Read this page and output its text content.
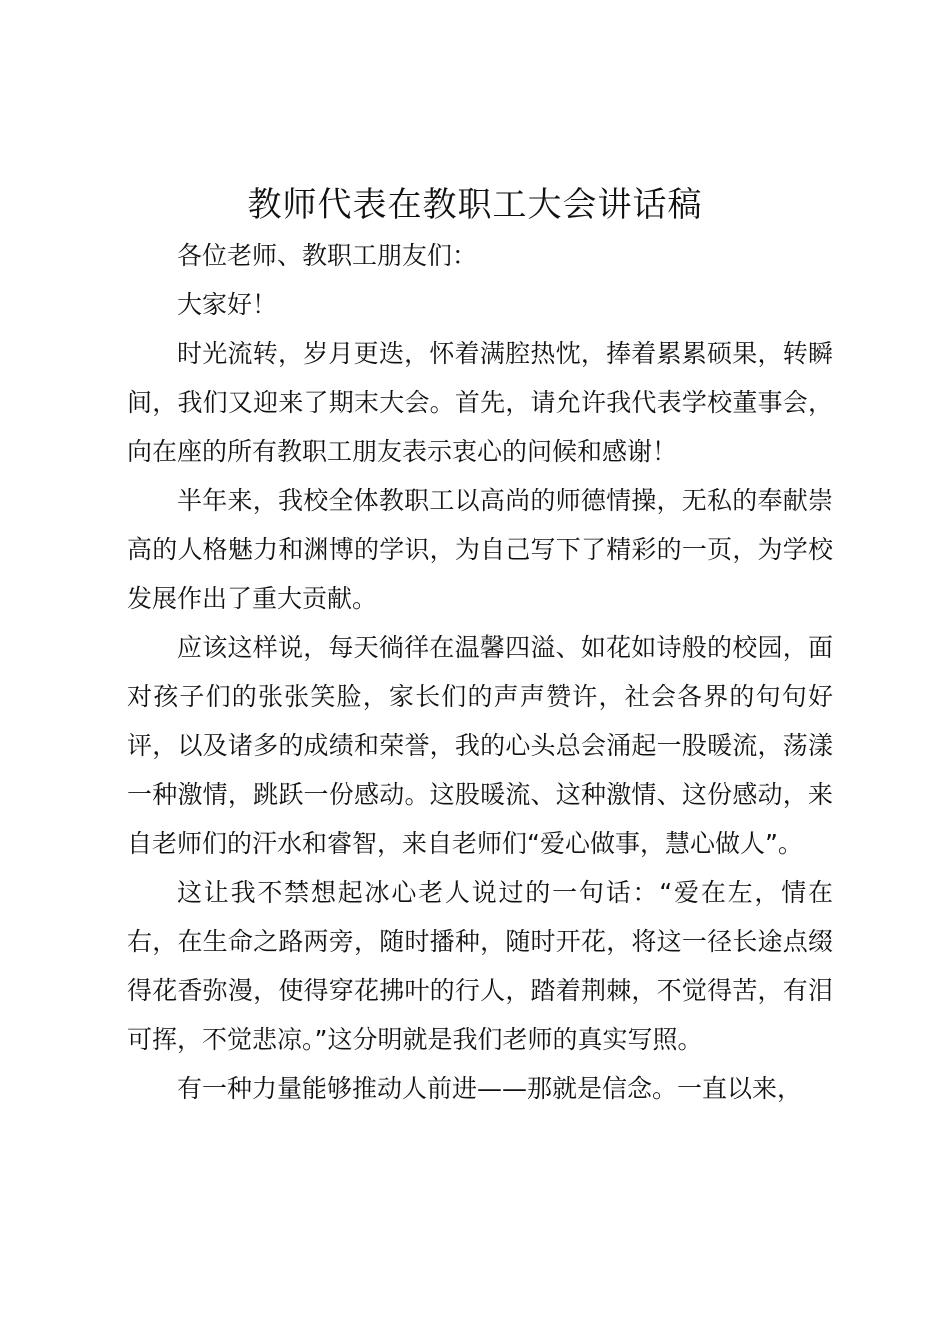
教师代表在教职工大会讲话稿

各位老师、教职工朋友们：

大家好！

时光流转，岁月更迭，怀着满腔热忱，捧着累累硕果，转瞬间，我们又迎来了期末大会。首先，请允许我代表学校董事会，向在座的所有教职工朋友表示衷心的问候和感谢！

半年来，我校全体教职工以高尚的师德情操，无私的奉献崇高的人格魅力和渊博的学识，为自己写下了精彩的一页，为学校发展作出了重大贡献。

应该这样说，每天徜徉在温馨四溢、如花如诗般的校园，面对孩子们的张张笑脸，家长们的声声赞许，社会各界的句句好评，以及诸多的成绩和荣誉，我的心头总会涌起一股暖流，荡漾一种激情，跳跃一份感动。这股暖流、这种激情、这份感动，来自老师们的汗水和睿智，来自老师们“爱心做事，慧心做人”。

这让我不禁想起冰心老人说过的一句话：“爱在左，情在右，在生命之路两旁，随时播种，随时开花，将这一径长途点缀得花香弥漫，使得穿花拂叶的行人，踏着荆棘，不觉得苦，有泪可挥，不觉悲凉。”这分明就是我们老师的真实写照。

有一种力量能够推动人前进——那就是信念。一直以来，
